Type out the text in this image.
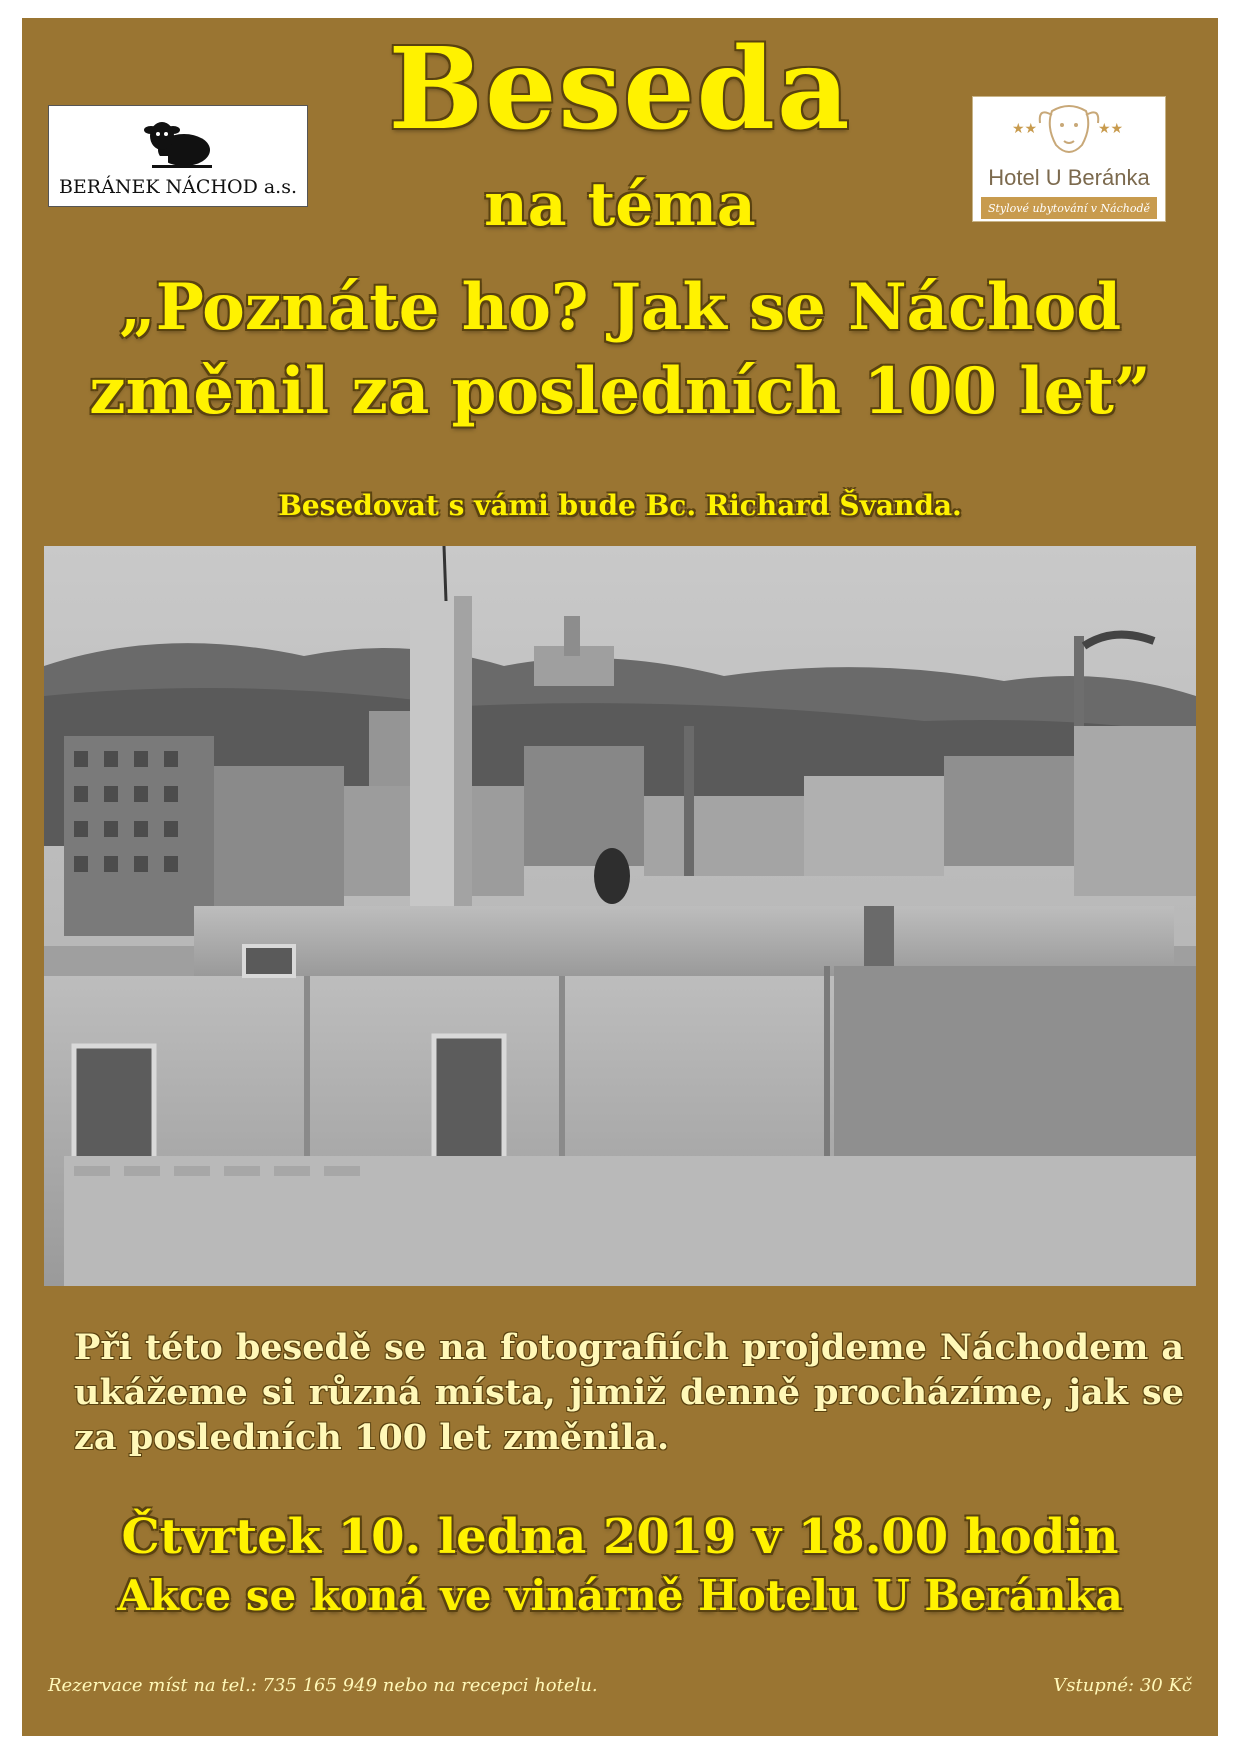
BERÁNEK NÁCHOD a.s.
★★	★★
Hotel U Beránka
Stylové ubytování v Náchodě
Beseda
na téma
„Poznáte ho? Jak se Náchod
změnil za posledních 100 let”
Besedovat s vámi bude Bc. Richard Švanda.
Při této besedě se na fotografiích projdeme Náchodem a ukážeme si různá místa, jimiž denně procházíme, jak se za posledních 100 let změnila.
Čtvrtek 10. ledna 2019 v 18.00 hodin
Akce se koná ve vinárně Hotelu U Beránka
Rezervace míst na tel.: 735 165 949 nebo na recepci hotelu.	Vstupné: 30 Kč
